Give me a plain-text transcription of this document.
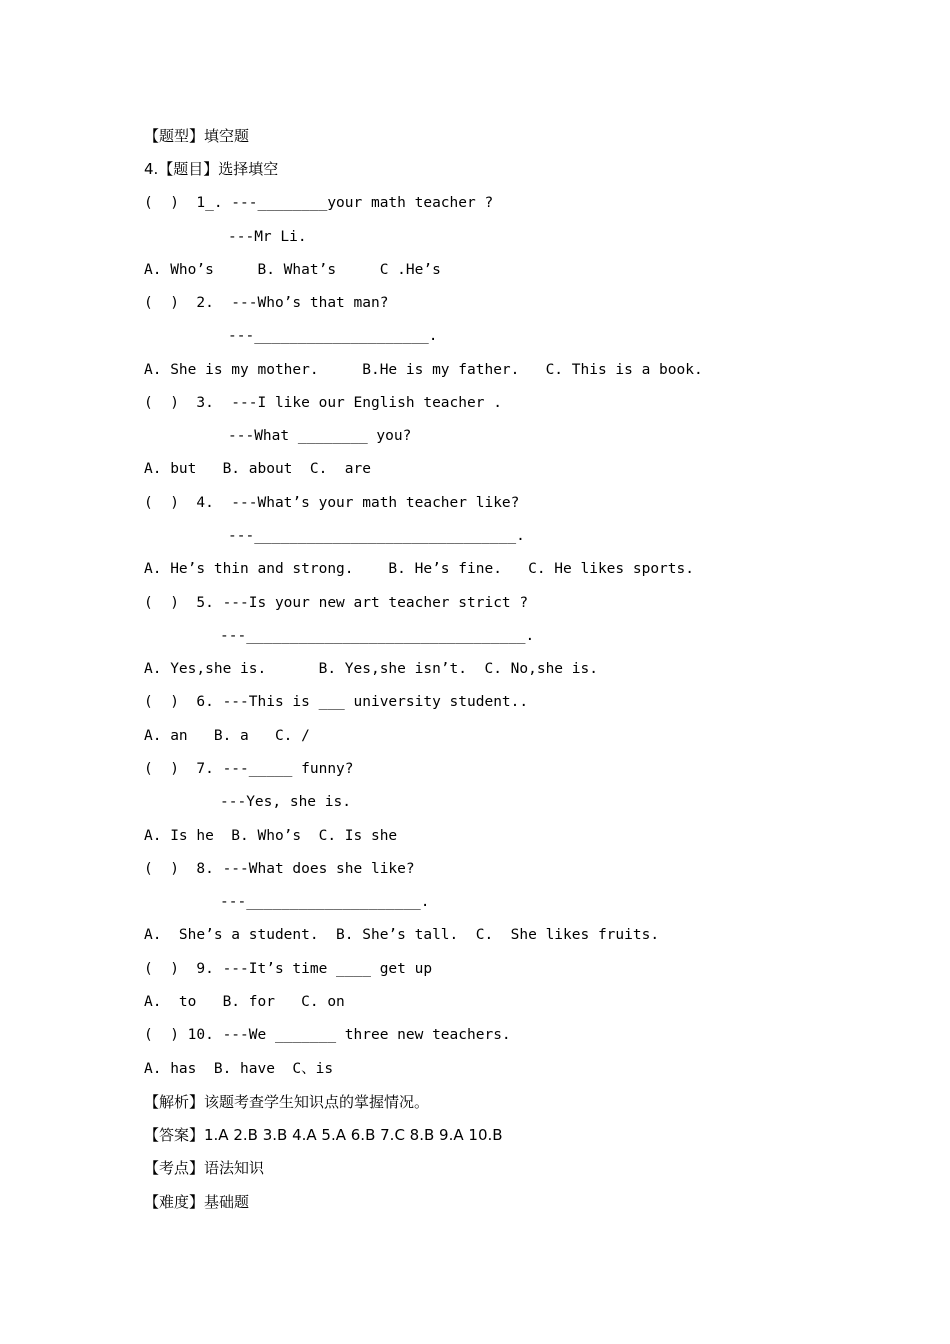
【题型】填空题
4.【题目】选择填空
(  )  1_. ---________your math teacher ?
---Mr Li.
A. Who’s     B. What’s     C .He’s
(  )  2.  ---Who’s that man?
---____________________.
A. She is my mother.     B.He is my father.   C. This is a book.
(  )  3.  ---I like our English teacher .
---What ________ you?
A. but   B. about  C.  are
(  )  4.  ---What’s your math teacher like?
---______________________________.
A. He’s thin and strong.    B. He’s fine.   C. He likes sports.
(  )  5. ---Is your new art teacher strict ?
---________________________________.
A. Yes,she is.      B. Yes,she isn’t.  C. No,she is.
(  )  6. ---This is ___ university student..
A. an   B. a   C. /
(  )  7. ---_____ funny?
---Yes, she is.
A. Is he  B. Who’s  C. Is she
(  )  8. ---What does she like?
---____________________.
A.  She’s a student.  B. She’s tall.  C.  She likes fruits.
(  )  9. ---It’s time ____ get up
A.  to   B. for   C. on
(  ) 10. ---We _______ three new teachers.
A. has  B. have  C、is
【解析】该题考查学生知识点的掌握情况。
【答案】1.A 2.B 3.B 4.A 5.A 6.B 7.C 8.B 9.A 10.B
【考点】语法知识
【难度】基础题
